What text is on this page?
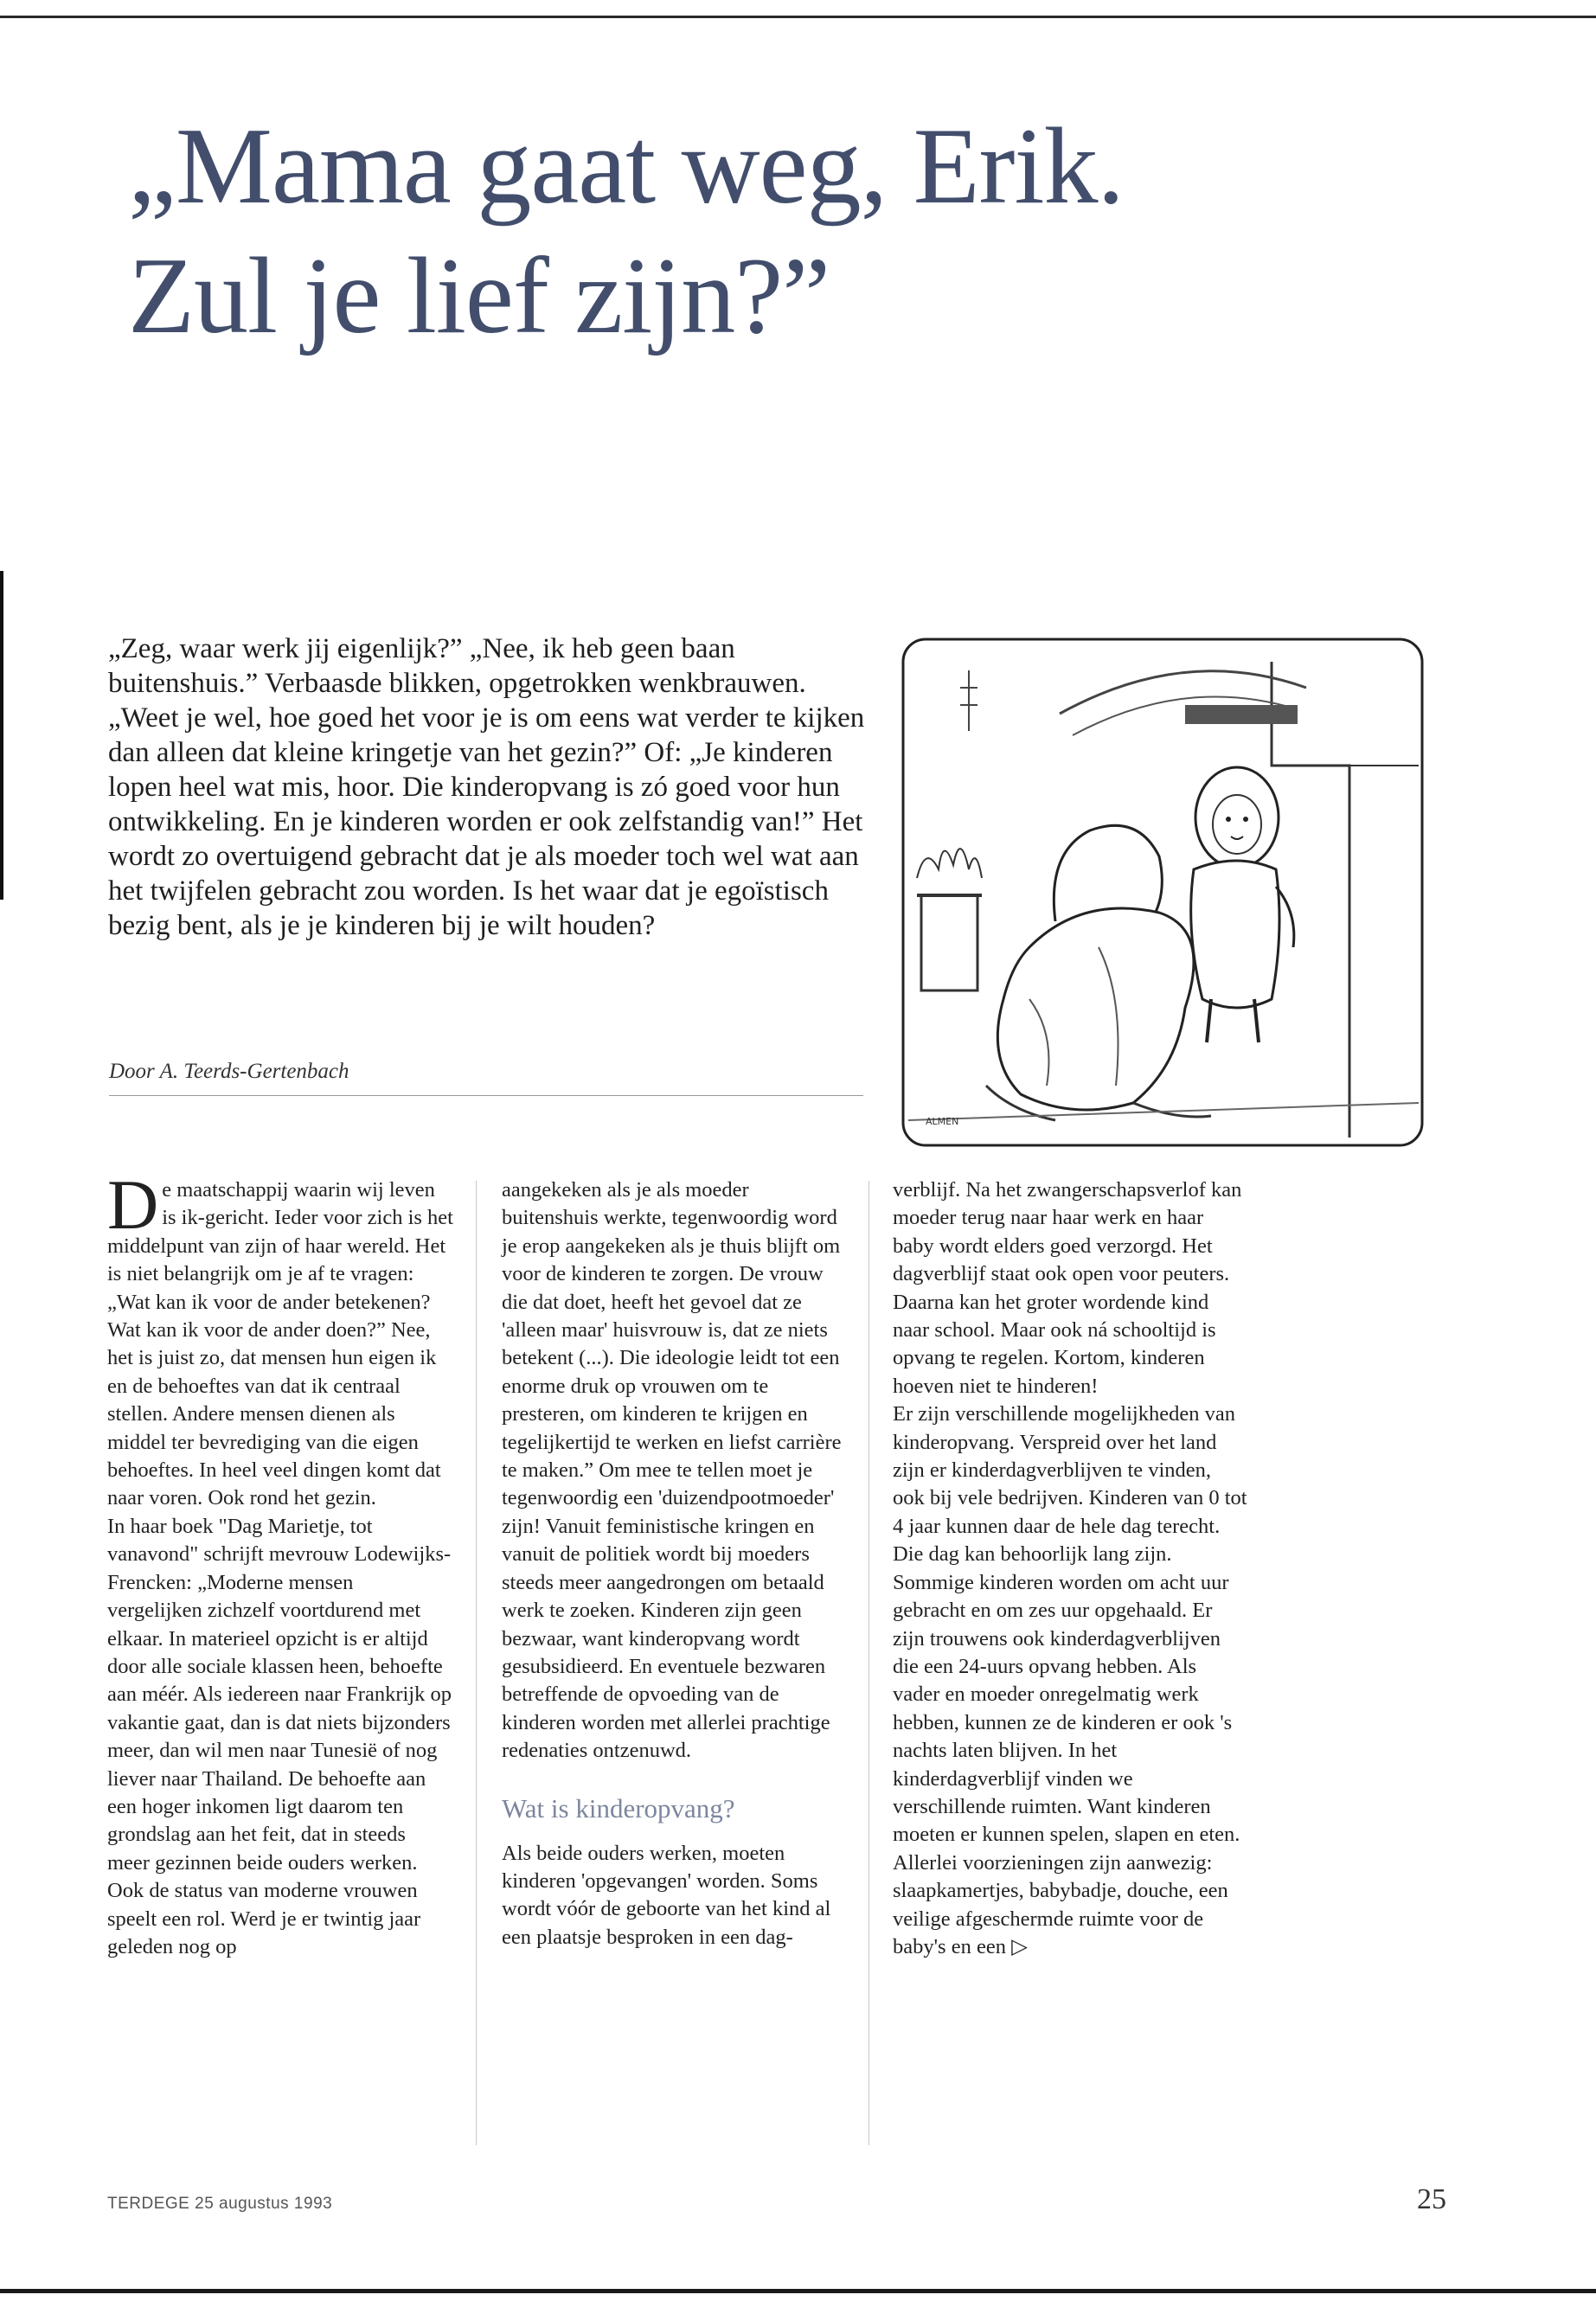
„Mama gaat weg, Erik.
Zul je lief zijn?”

„Zeg, waar werk jij eigenlijk?” „Nee, ik heb geen baan buitenshuis.” Verbaasde blikken, opgetrokken wenkbrauwen. „Weet je wel, hoe goed het voor je is om eens wat verder te kijken dan alleen dat kleine kringetje van het gezin?” Of: „Je kinderen lopen heel wat mis, hoor. Die kinderopvang is zó goed voor hun ontwikkeling. En je kinderen worden er ook zelfstandig van!” Het wordt zo overtuigend gebracht dat je als moeder toch wel wat aan het twijfelen gebracht zou worden. Is het waar dat je egoïstisch bezig bent, als je je kinderen bij je wilt houden?

Door A. Teerds-Gertenbach

ALMEN

De maatschappij waarin wij leven is ik-gericht. Ieder voor zich is het middelpunt van zijn of haar wereld. Het is niet belangrijk om je af te vragen: „Wat kan ik voor de ander betekenen? Wat kan ik voor de ander doen?” Nee, het is juist zo, dat mensen hun eigen ik en de behoeftes van dat ik centraal stellen. Andere mensen dienen als middel ter bevrediging van die eigen behoeftes. In heel veel dingen komt dat naar voren. Ook rond het gezin.

In haar boek "Dag Marietje, tot vanavond" schrijft mevrouw Lodewijks-Frencken: „Moderne mensen vergelijken zichzelf voortdurend met elkaar. In materieel opzicht is er altijd door alle sociale klassen heen, behoefte aan méér. Als iedereen naar Frankrijk op vakantie gaat, dan is dat niets bijzonders meer, dan wil men naar Tunesië of nog liever naar Thailand. De behoefte aan een hoger inkomen ligt daarom ten grondslag aan het feit, dat in steeds meer gezinnen beide ouders werken. Ook de status van moderne vrouwen speelt een rol. Werd je er twintig jaar geleden nog op

aangekeken als je als moeder buitenshuis werkte, tegenwoordig word je erop aangekeken als je thuis blijft om voor de kinderen te zorgen. De vrouw die dat doet, heeft het gevoel dat ze 'alleen maar' huisvrouw is, dat ze niets betekent (...). Die ideologie leidt tot een enorme druk op vrouwen om te presteren, om kinderen te krijgen en tegelijkertijd te werken en liefst carrière te maken.” Om mee te tellen moet je tegenwoordig een 'duizendpootmoeder' zijn! Vanuit feministische kringen en vanuit de politiek wordt bij moeders steeds meer aangedrongen om betaald werk te zoeken. Kinderen zijn geen bezwaar, want kinderopvang wordt gesubsidieerd. En eventuele bezwaren betreffende de opvoeding van de kinderen worden met allerlei prachtige redenaties ontzenuwd.

Wat is kinderopvang?

Als beide ouders werken, moeten kinderen 'opgevangen' worden. Soms wordt vóór de geboorte van het kind al een plaatsje besproken in een dag-

verblijf. Na het zwangerschapsverlof kan moeder terug naar haar werk en haar baby wordt elders goed verzorgd. Het dagverblijf staat ook open voor peuters. Daarna kan het groter wordende kind naar school. Maar ook ná schooltijd is opvang te regelen. Kortom, kinderen hoeven niet te hinderen!

Er zijn verschillende mogelijkheden van kinderopvang. Verspreid over het land zijn er kinderdagverblijven te vinden, ook bij vele bedrijven. Kinderen van 0 tot 4 jaar kunnen daar de hele dag terecht. Die dag kan behoorlijk lang zijn. Sommige kinderen worden om acht uur gebracht en om zes uur opgehaald. Er zijn trouwens ook kinderdagverblijven die een 24-uurs opvang hebben. Als vader en moeder onregelmatig werk hebben, kunnen ze de kinderen er ook 's nachts laten blijven. In het kinderdagverblijf vinden we verschillende ruimten. Want kinderen moeten er kunnen spelen, slapen en eten. Allerlei voorzieningen zijn aanwezig: slaapkamertjes, babybadje, douche, een veilige afgeschermde ruimte voor de baby's en een ▷

TERDEGE 25 augustus 1993	25
